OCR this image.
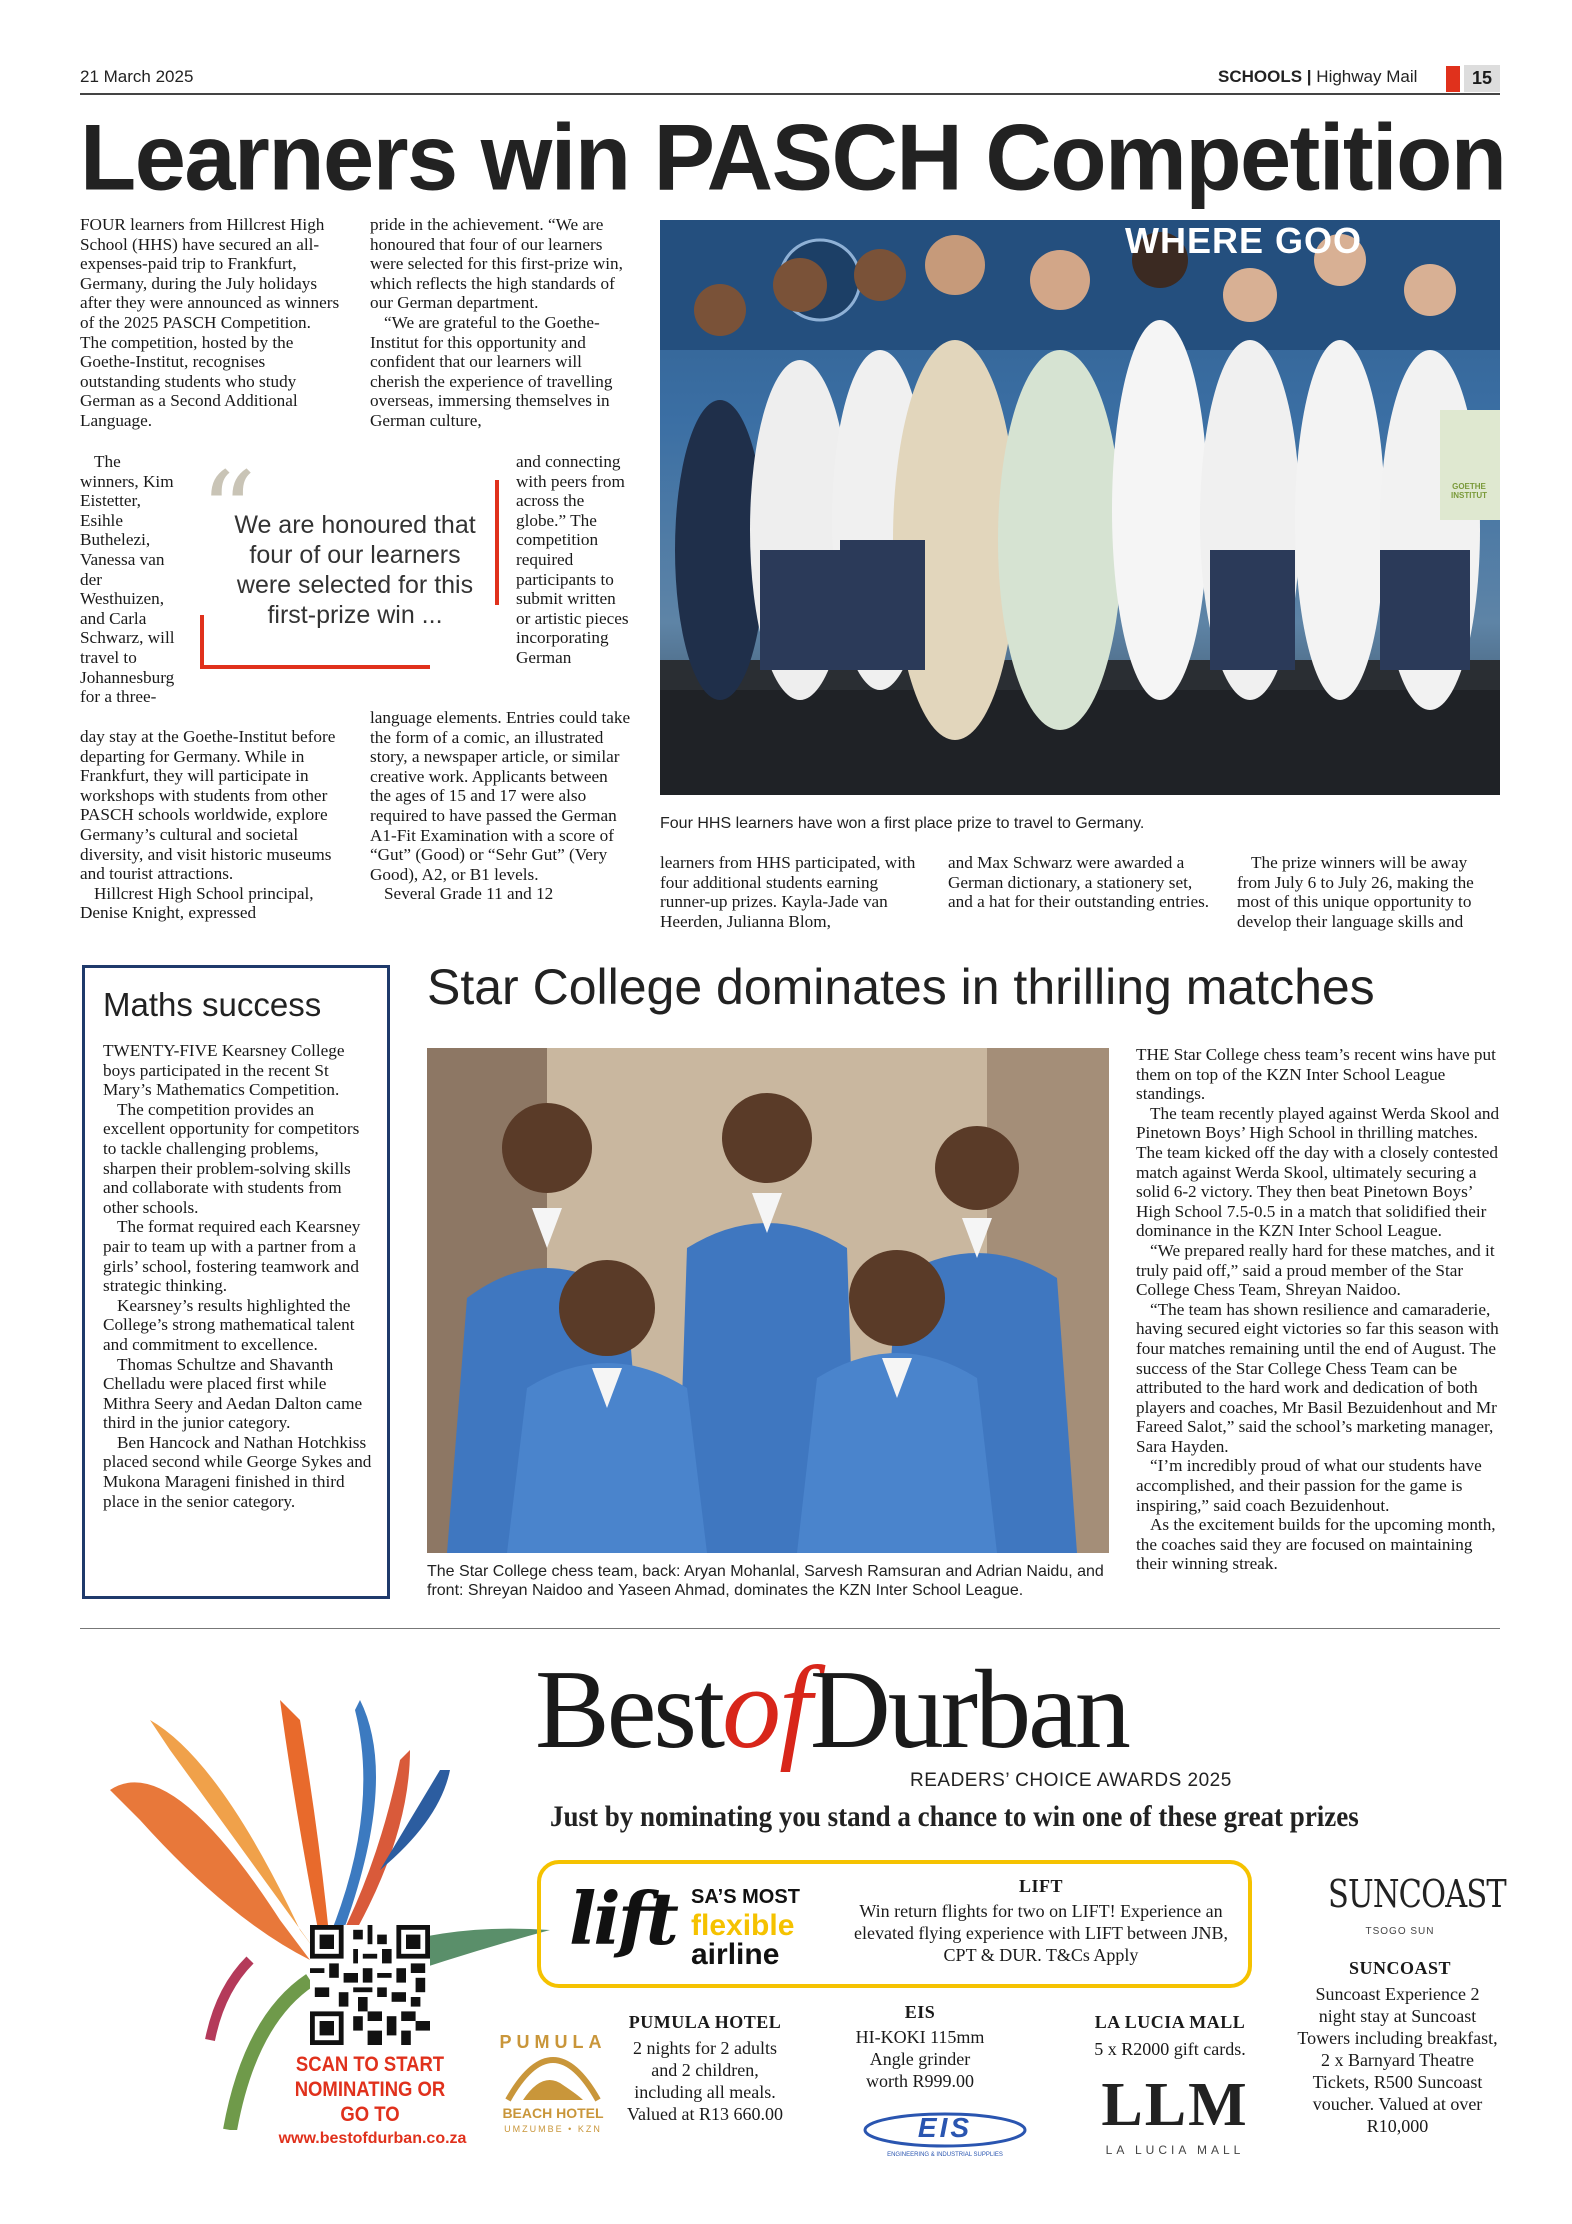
21 March 2025	SCHOOLS | Highway Mail	15
Learners win PASCH Competition

FOUR learners from Hillcrest High School (HHS) have secured an all-expenses-paid trip to Frankfurt, Germany, during the July holidays after they were announced as winners of the 2025 PASCH Competition.

The competition, hosted by the Goethe-Institut, recognises outstanding students who study German as a Second Additional Language.

The winners, Kim Eistetter, Esihle Buthelezi, Vanessa van der Westhuizen, and Carla Schwarz, will travel to Johannesburg for a three-

day stay at the Goethe-Institut before departing for Germany. While in Frankfurt, they will participate in workshops with students from other PASCH schools worldwide, explore Germany’s cultural and societal diversity, and visit historic museums and tourist attractions.

Hillcrest High School principal, Denise Knight, expressed

pride in the achievement. “We are honoured that four of our learners were selected for this first-prize win, which reflects the high standards of our German department.

“We are grateful to the Goethe-Institut for this opportunity and confident that our learners will cherish the experience of travelling overseas, immersing themselves in German culture,

and connecting with peers from across the globe.” The competition required participants to submit written or artistic pieces incorporating German

language elements. Entries could take the form of a comic, an illustrated story, a newspaper article, or similar creative work. Applicants between the ages of 15 and 17 were also required to have passed the German A1-Fit Examination with a score of “Gut” (Good) or “Sehr Gut” (Very Good), A2, or B1 levels.

Several Grade 11 and 12

“
We are honoured that four of our learners were selected for this first-prize win ...
WHERE GOO
GOETHE INSTITUT
Four HHS learners have won a first place prize to travel to Germany.
learners from HHS participated, with four additional students earning runner-up prizes. Kayla-Jade van Heerden, Julianna Blom,
and Max Schwarz were awarded a German dictionary, a stationery set, and a hat for their outstanding entries.
The prize winners will be away from July 6 to July 26, making the most of this unique opportunity to develop their language skills and
Maths success

TWENTY-FIVE Kearsney College boys participated in the recent St Mary’s Mathematics Competition.

The competition provides an excellent opportunity for competitors to tackle challenging problems, sharpen their problem-solving skills and collaborate with students from other schools.

The format required each Kearsney pair to team up with a partner from a girls’ school, fostering teamwork and strategic thinking.

Kearsney’s results highlighted the College’s strong mathematical talent and commitment to excellence.

Thomas Schultze and Shavanth Chelladu were placed first while Mithra Seery and Aedan Dalton came third in the junior category.

Ben Hancock and Nathan Hotchkiss placed second while George Sykes and Mukona Marageni finished in third place in the senior category.

Star College dominates in thrilling matches
The Star College chess team, back: Aryan Mohanlal, Sarvesh Ramsuran and Adrian Naidu, and front: Shreyan Naidoo and Yaseen Ahmad, dominates the KZN Inter School League.

THE Star College chess team’s recent wins have put them on top of the KZN Inter School League standings.

The team recently played against Werda Skool and Pinetown Boys’ High School in thrilling matches. The team kicked off the day with a closely contested match against Werda Skool, ultimately securing a solid 6-2 victory. They then beat Pinetown Boys’ High School 7.5-0.5 in a match that solidified their dominance in the KZN Inter School League.

“We prepared really hard for these matches, and it truly paid off,” said a proud member of the Star College Chess Team, Shreyan Naidoo.

“The team has shown resilience and camaraderie, having secured eight victories so far this season with four matches remaining until the end of August. The success of the Star College Chess Team can be attributed to the hard work and dedication of both players and coaches, Mr Basil Bezuidenhout and Mr Fareed Salot,” said the school’s marketing manager, Sara Hayden.

“I’m incredibly proud of what our students have accomplished, and their passion for the game is inspiring,” said coach Bezuidenhout.

As the excitement builds for the upcoming month, the coaches said they are focused on maintaining their winning streak.

SCAN TO START
NOMINATING OR
GO TO
www.bestofdurban.co.za
BestofDurban
READERS’ CHOICE AWARDS 2025
Just by nominating you stand a chance to win one of these great prizes
lift SA’S MOST
flexible
airline
LIFT
Win return flights for two on LIFT! Experience an elevated flying experience with LIFT between JNB, CPT & DUR. T&Cs Apply
PUMULA
BEACH HOTEL
UMZUMBE • KZN
PUMULA HOTEL
2 nights for 2 adults and 2 children, including all meals. Valued at R13 660.00
EIS
HI-KOKI 115mm Angle grinder worth R999.00
EIS
ENGINEERING & INDUSTRIAL SUPPLIES
LA LUCIA MALL
5 x R2000 gift cards.
LLM
LA LUCIA MALL
SUNCOAST
TSOGO SUN
SUNCOAST
Suncoast Experience 2 night stay at Suncoast Towers including breakfast, 2 x Barnyard Theatre Tickets, R500 Suncoast voucher. Valued at over R10,000
